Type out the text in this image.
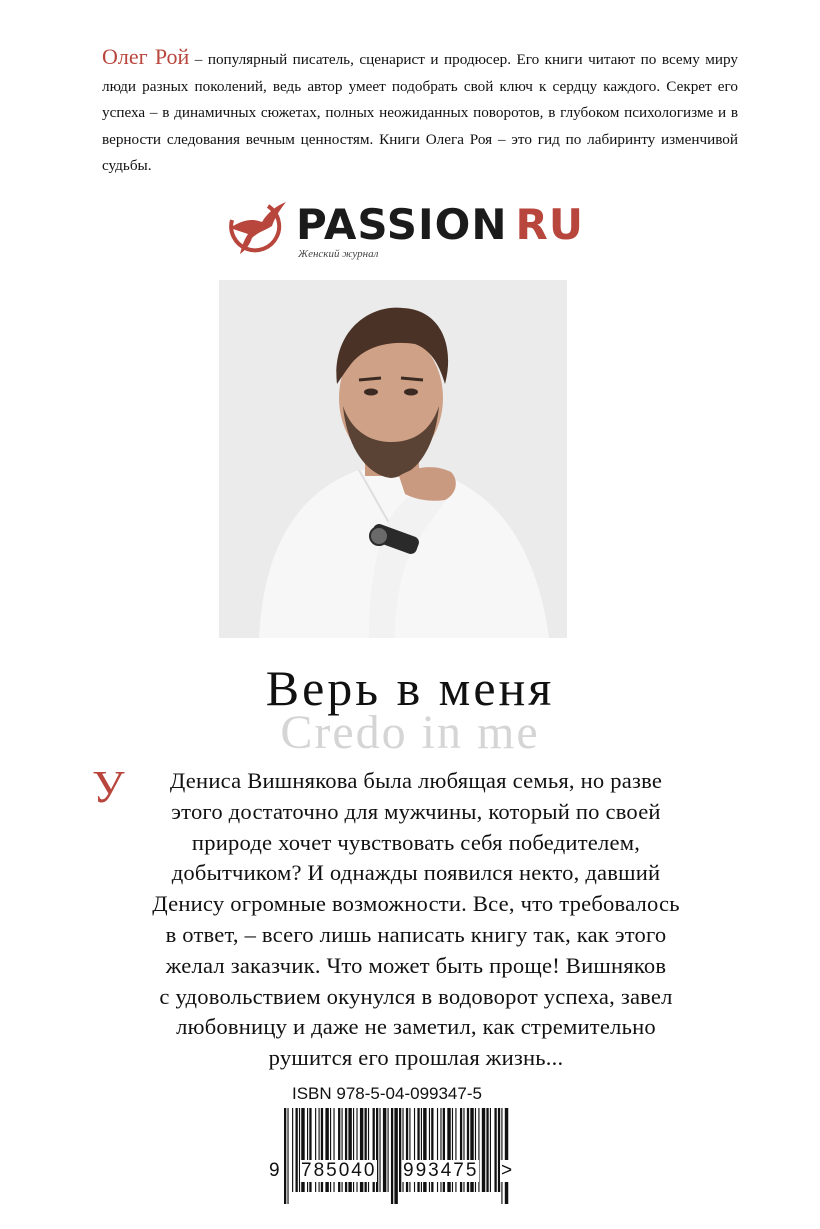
Олег Рой – популярный писатель, сценарист и продюсер. Его книги читают по всему миру люди разных поколений, ведь автор умеет подобрать свой ключ к сердцу каждого. Секрет его успеха – в динамичных сюжетах, полных неожиданных поворотов, в глубоком психологизме и в верности следования вечным ценностям. Книги Олега Роя – это гид по лабиринту изменчивой судьбы.
PASSION RU
Женский журнал
Верь в меня
Credo in me
У	Дениса Вишнякова была любящая семья, но разве
этого достаточно для мужчины, который по своей
природе хочет чувствовать себя победителем,
добытчиком? И однажды появился некто, давший
Денису огромные возможности. Все, что требовалось
в ответ, – всего лишь написать книгу так, как этого
желал заказчик. Что может быть проще! Вишняков
с удовольствием окунулся в водоворот успеха, завел
любовницу и даже не заметил, как стремительно
рушится его прошлая жизнь...
ISBN 978-5-04-099347-5
9 785040 993475 >
